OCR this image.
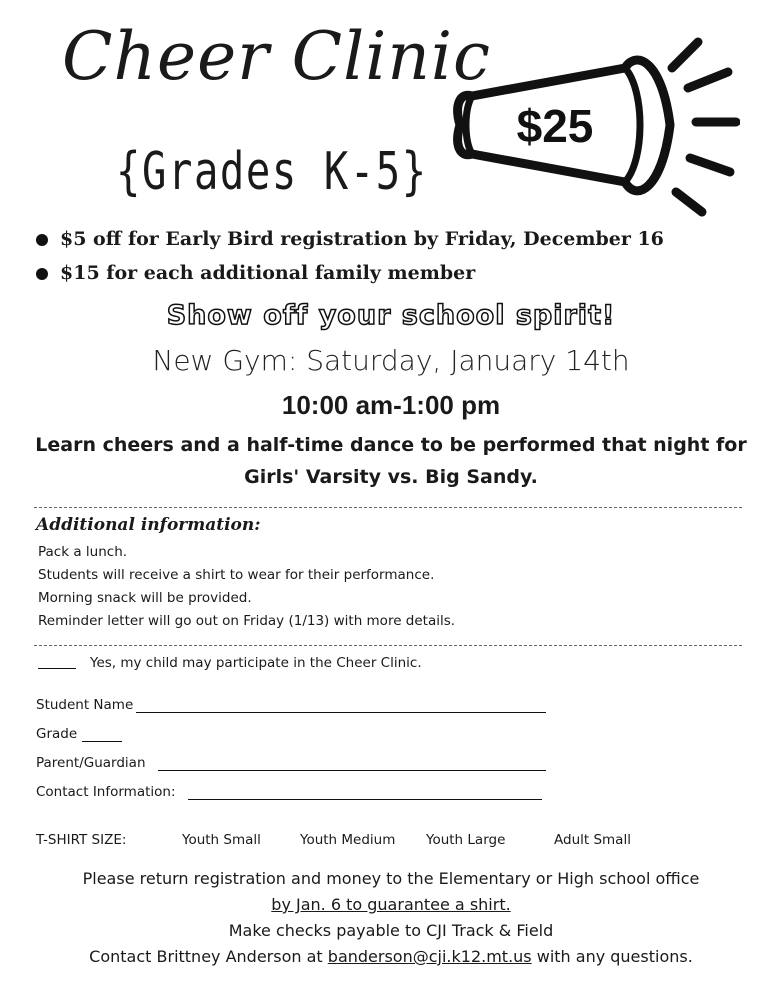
Cheer Clinic
{Grades K-5}
$25
$5 off for Early Bird registration by Friday, December 16
$15 for each additional family member
Show off your school spirit!
New Gym: Saturday, January 14th
10:00 am-1:00 pm
Learn cheers and a half-time dance to be performed that night for
Girls' Varsity vs. Big Sandy.
Additional information:
Pack a lunch.
Students will receive a shirt to wear for their performance.
Morning snack will be provided.
Reminder letter will go out on Friday (1/13) with more details.
Yes, my child may participate in the Cheer Clinic.
Student Name
Grade
Parent/Guardian
Contact Information:
T-SHIRT SIZE:	Youth Small	Youth Medium Youth Large	Adult Small
Please return registration and money to the Elementary or High school office
by Jan. 6 to guarantee a shirt.
Make checks payable to CJI Track & Field
Contact Brittney Anderson at banderson@cji.k12.mt.us with any questions.
